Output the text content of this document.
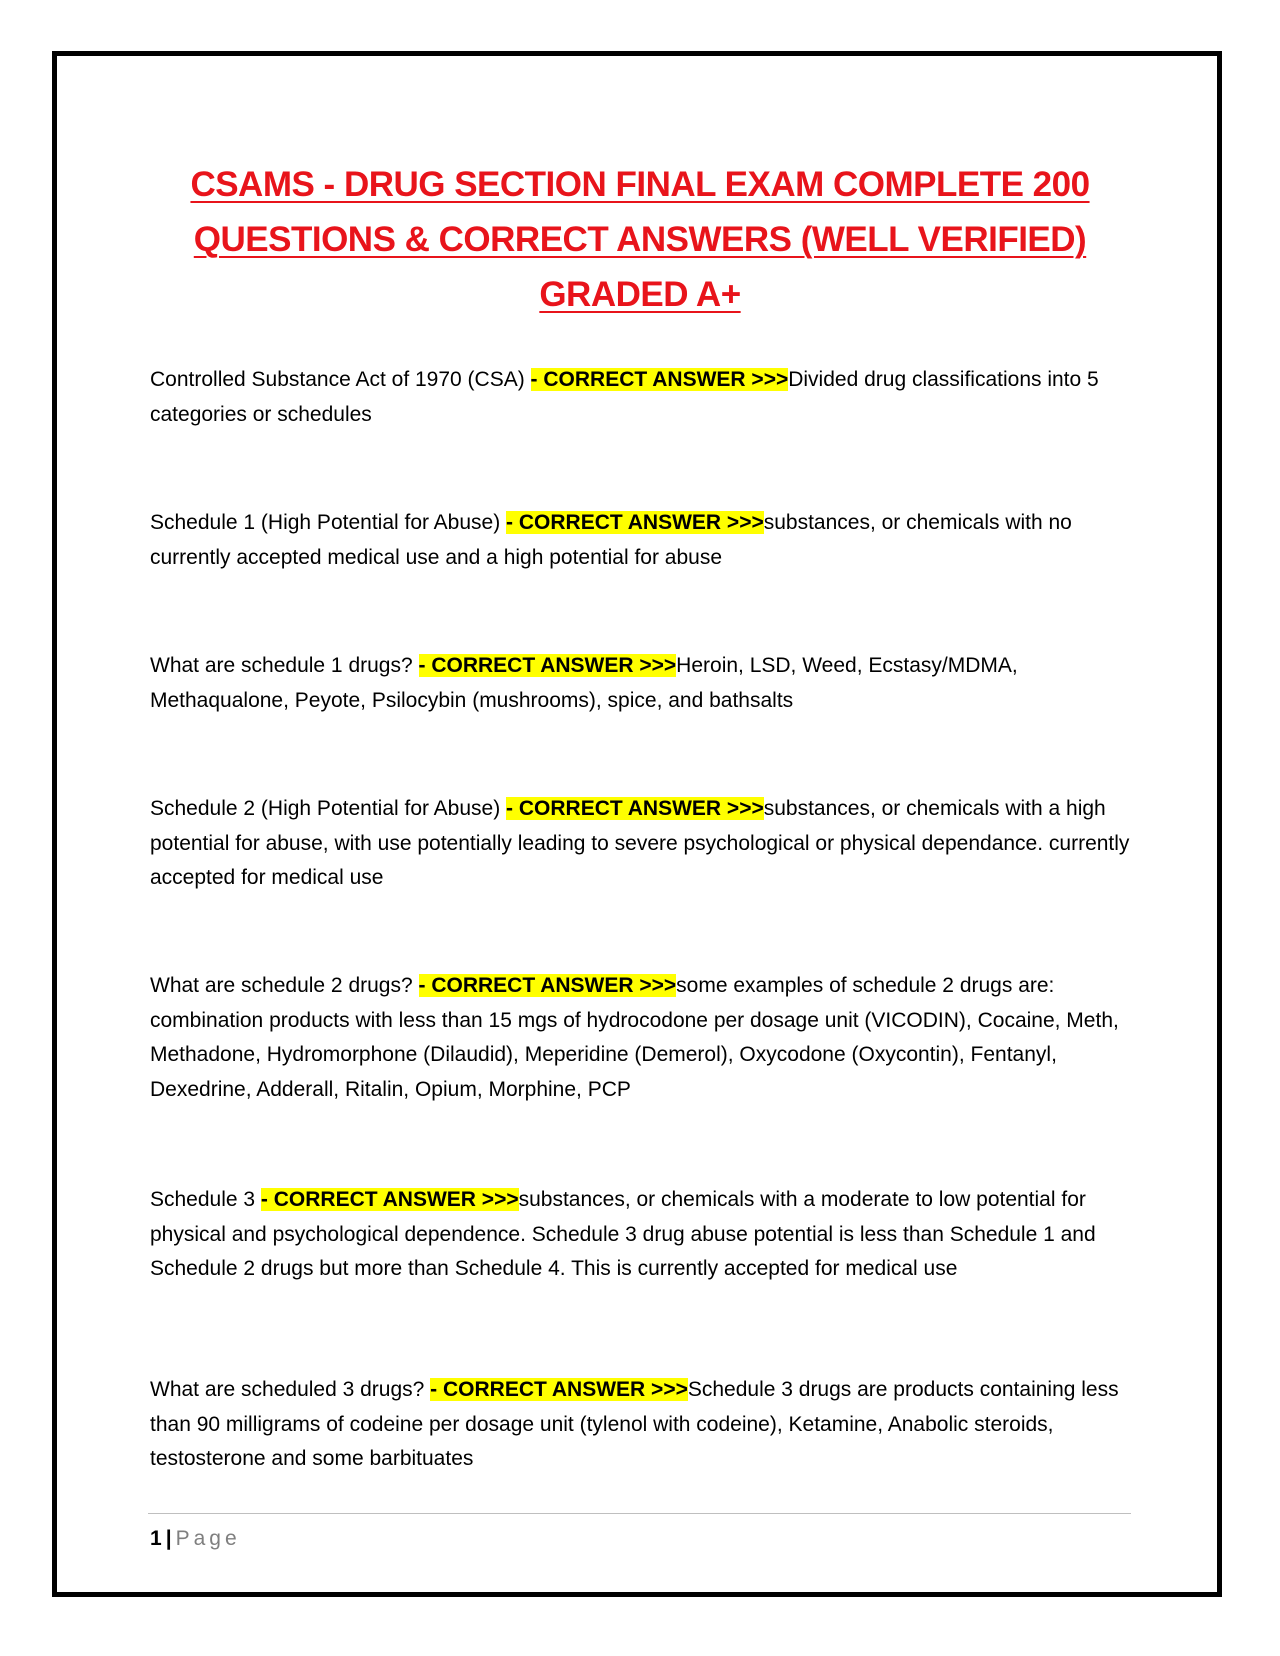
CSAMS - DRUG SECTION FINAL EXAM COMPLETE 200
QUESTIONS & CORRECT ANSWERS (WELL VERIFIED)
GRADED A+
Controlled Substance Act of 1970 (CSA) - CORRECT ANSWER >>>Divided drug classifications into 5 categories or schedules
Schedule 1 (High Potential for Abuse) - CORRECT ANSWER >>>substances, or chemicals with no currently accepted medical use and a high potential for abuse
What are schedule 1 drugs? - CORRECT ANSWER >>>Heroin, LSD, Weed, Ecstasy/MDMA, Methaqualone, Peyote, Psilocybin (mushrooms), spice, and bathsalts
Schedule 2 (High Potential for Abuse) - CORRECT ANSWER >>>substances, or chemicals with a high potential for abuse, with use potentially leading to severe psychological or physical dependance. currently accepted for medical use
What are schedule 2 drugs? - CORRECT ANSWER >>>some examples of schedule 2 drugs are: combination products with less than 15 mgs of hydrocodone per dosage unit (VICODIN), Cocaine, Meth, Methadone, Hydromorphone (Dilaudid), Meperidine (Demerol), Oxycodone (Oxycontin), Fentanyl, Dexedrine, Adderall, Ritalin, Opium, Morphine, PCP
Schedule 3 - CORRECT ANSWER >>>substances, or chemicals with a moderate to low potential for physical and psychological dependence. Schedule 3 drug abuse potential is less than Schedule 1 and Schedule 2 drugs but more than Schedule 4. This is currently accepted for medical use
What are scheduled 3 drugs? - CORRECT ANSWER >>>Schedule 3 drugs are products containing less than 90 milligrams of codeine per dosage unit (tylenol with codeine), Ketamine, Anabolic steroids, testosterone and some barbituates
1 | Page
